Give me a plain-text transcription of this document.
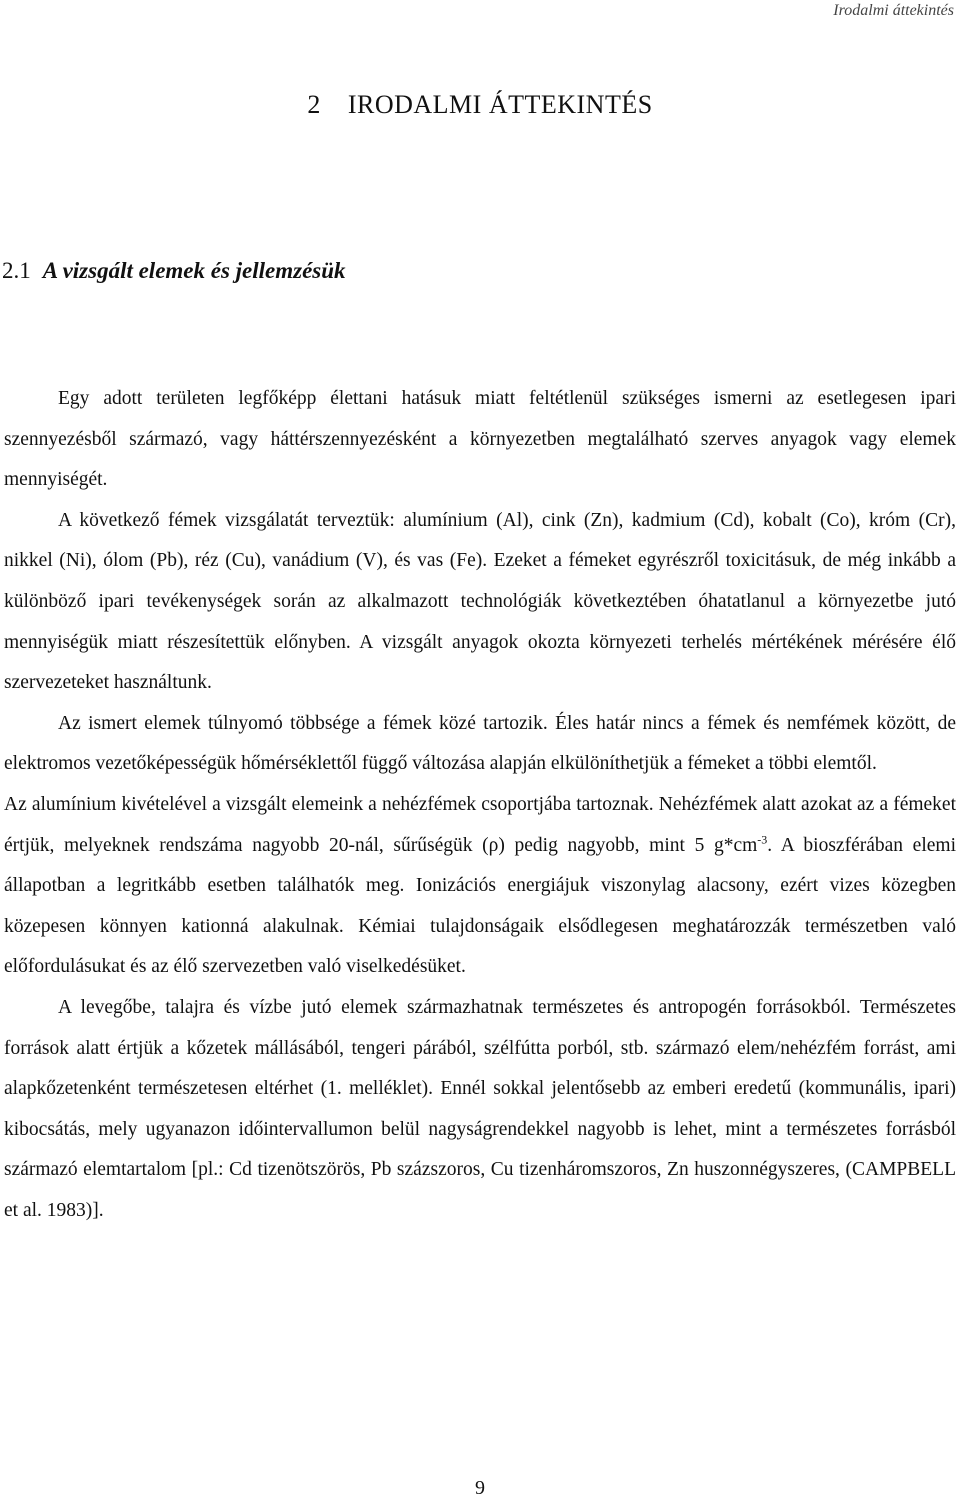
Irodalmi áttekintés
2 IRODALMI ÁTTEKINTÉS
2.1 A vizsgált elemek és jellemzésük

Egy adott területen legfőképp élettani hatásuk miatt feltétlenül szükséges ismerni az esetlegesen ipari szennyezésből származó, vagy háttérszennyezésként a környezetben megtalálható szerves anyagok vagy elemek mennyiségét.

A következő fémek vizsgálatát terveztük: alumínium (Al), cink (Zn), kadmium (Cd), kobalt (Co), króm (Cr), nikkel (Ni), ólom (Pb), réz (Cu), vanádium (V), és vas (Fe). Ezeket a fémeket egyrészről toxicitásuk, de még inkább a különböző ipari tevékenységek során az alkalmazott technológiák következtében óhatatlanul a környezetbe jutó mennyiségük miatt részesítettük előnyben. A vizsgált anyagok okozta környezeti terhelés mértékének mérésére élő szervezeteket használtunk.

Az ismert elemek túlnyomó többsége a fémek közé tartozik. Éles határ nincs a fémek és nemfémek között, de elektromos vezetőképességük hőmérséklettől függő változása alapján elkülöníthetjük a fémeket a többi elemtől.

Az alumínium kivételével a vizsgált elemeink a nehézfémek csoportjába tartoznak. Nehézfémek alatt azokat az a fémeket értjük, melyeknek rendszáma nagyobb 20-nál, sűrűségük (ρ) pedig nagyobb, mint 5 $g*cm^{-3}$. A bioszférában elemi állapotban a legritkább esetben találhatók meg. Ionizációs energiájuk viszonylag alacsony, ezért vizes közegben közepesen könnyen kationná alakulnak. Kémiai tulajdonságaik elsődlegesen meghatározzák természetben való előfordulásukat és az élő szervezetben való viselkedésüket.

A levegőbe, talajra és vízbe jutó elemek származhatnak természetes és antropogén forrásokból. Természetes források alatt értjük a kőzetek mállásából, tengeri párából, szélfútta porból, stb. származó elem/nehézfém forrást, ami alapkőzetenként természetesen eltérhet (1. melléklet). Ennél sokkal jelentősebb az emberi eredetű (kommunális, ipari) kibocsátás, mely ugyanazon időintervallumon belül nagyságrendekkel nagyobb is lehet, mint a természetes forrásból származó elemtartalom [pl.: Cd tizenötszörös, Pb százszoros, Cu tizenháromszoros, Zn huszonnégyszeres, (CAMPBELL et al. 1983)].

9
